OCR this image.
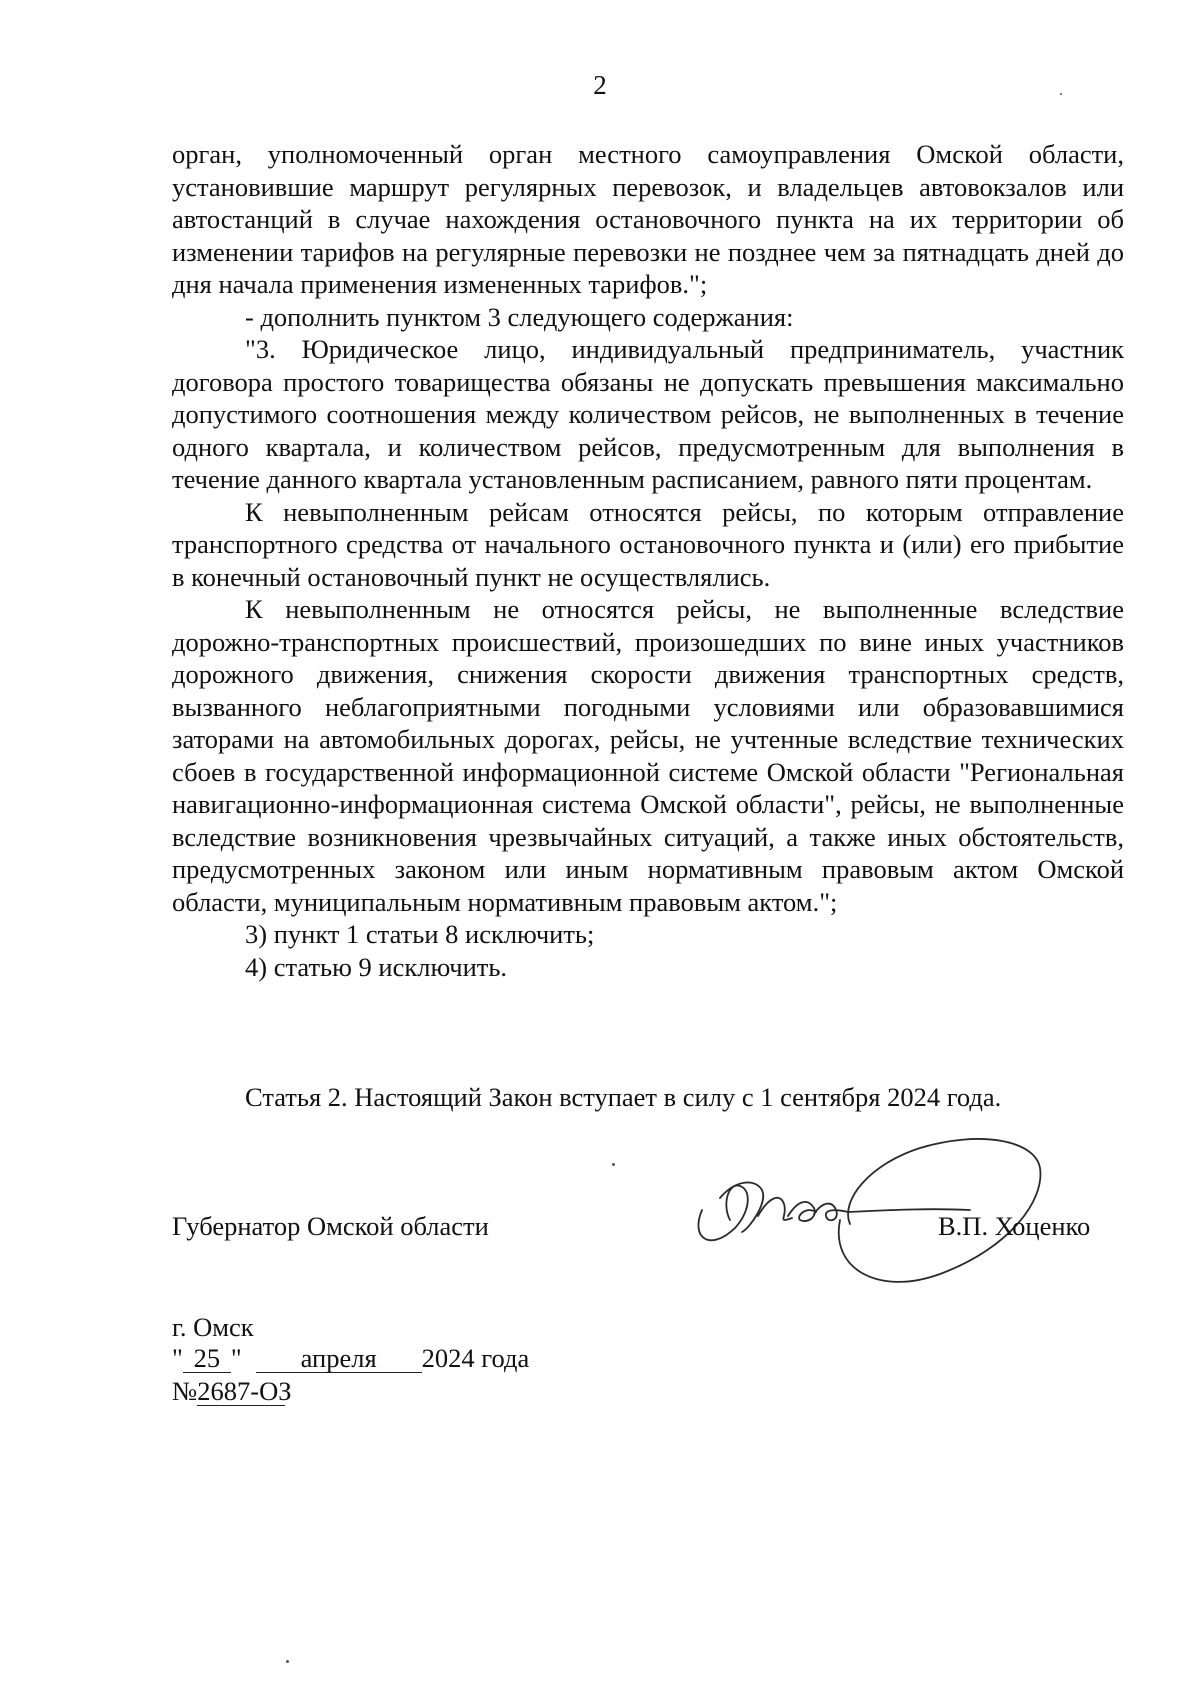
2

орган, уполномоченный орган местного самоуправления Омской области, установившие маршрут регулярных перевозок, и владельцев автовокзалов или автостанций в случае нахождения остановочного пункта на их территории об изменении тарифов на регулярные перевозки не позднее чем за пятнадцать дней до дня начала применения измененных тарифов.";

- дополнить пунктом 3 следующего содержания:

"3. Юридическое лицо, индивидуальный предприниматель, участник договора простого товарищества обязаны не допускать превышения максимально допустимого соотношения между количеством рейсов, не выполненных в течение одного квартала, и количеством рейсов, предусмотренным для выполнения в течение данного квартала установленным расписанием, равного пяти процентам.

К невыполненным рейсам относятся рейсы, по которым отправление транспортного средства от начального остановочного пункта и (или) его прибытие в конечный остановочный пункт не осуществлялись.

К невыполненным не относятся рейсы, не выполненные вследствие дорожно-транспортных происшествий, произошедших по вине иных участников дорожного движения, снижения скорости движения транспортных средств, вызванного неблагоприятными погодными условиями или образовавшимися заторами на автомобильных дорогах, рейсы, не учтенные вследствие технических сбоев в государственной информационной системе Омской области "Региональная навигационно-информационная система Омской области", рейсы, не выполненные вследствие возникновения чрезвычайных ситуаций, а также иных обстоятельств, предусмотренных законом или иным нормативным правовым актом Омской области, муниципальным нормативным правовым актом.";

3) пункт 1 статьи 8 исключить;

4) статью 9 исключить.

Статья 2. Настоящий Закон вступает в силу с 1 сентября 2024 года.
Губернатор Омской области	В.П. Хоценко
г. Омск
" 25 " апреля 2024 года
№2687-ОЗ
